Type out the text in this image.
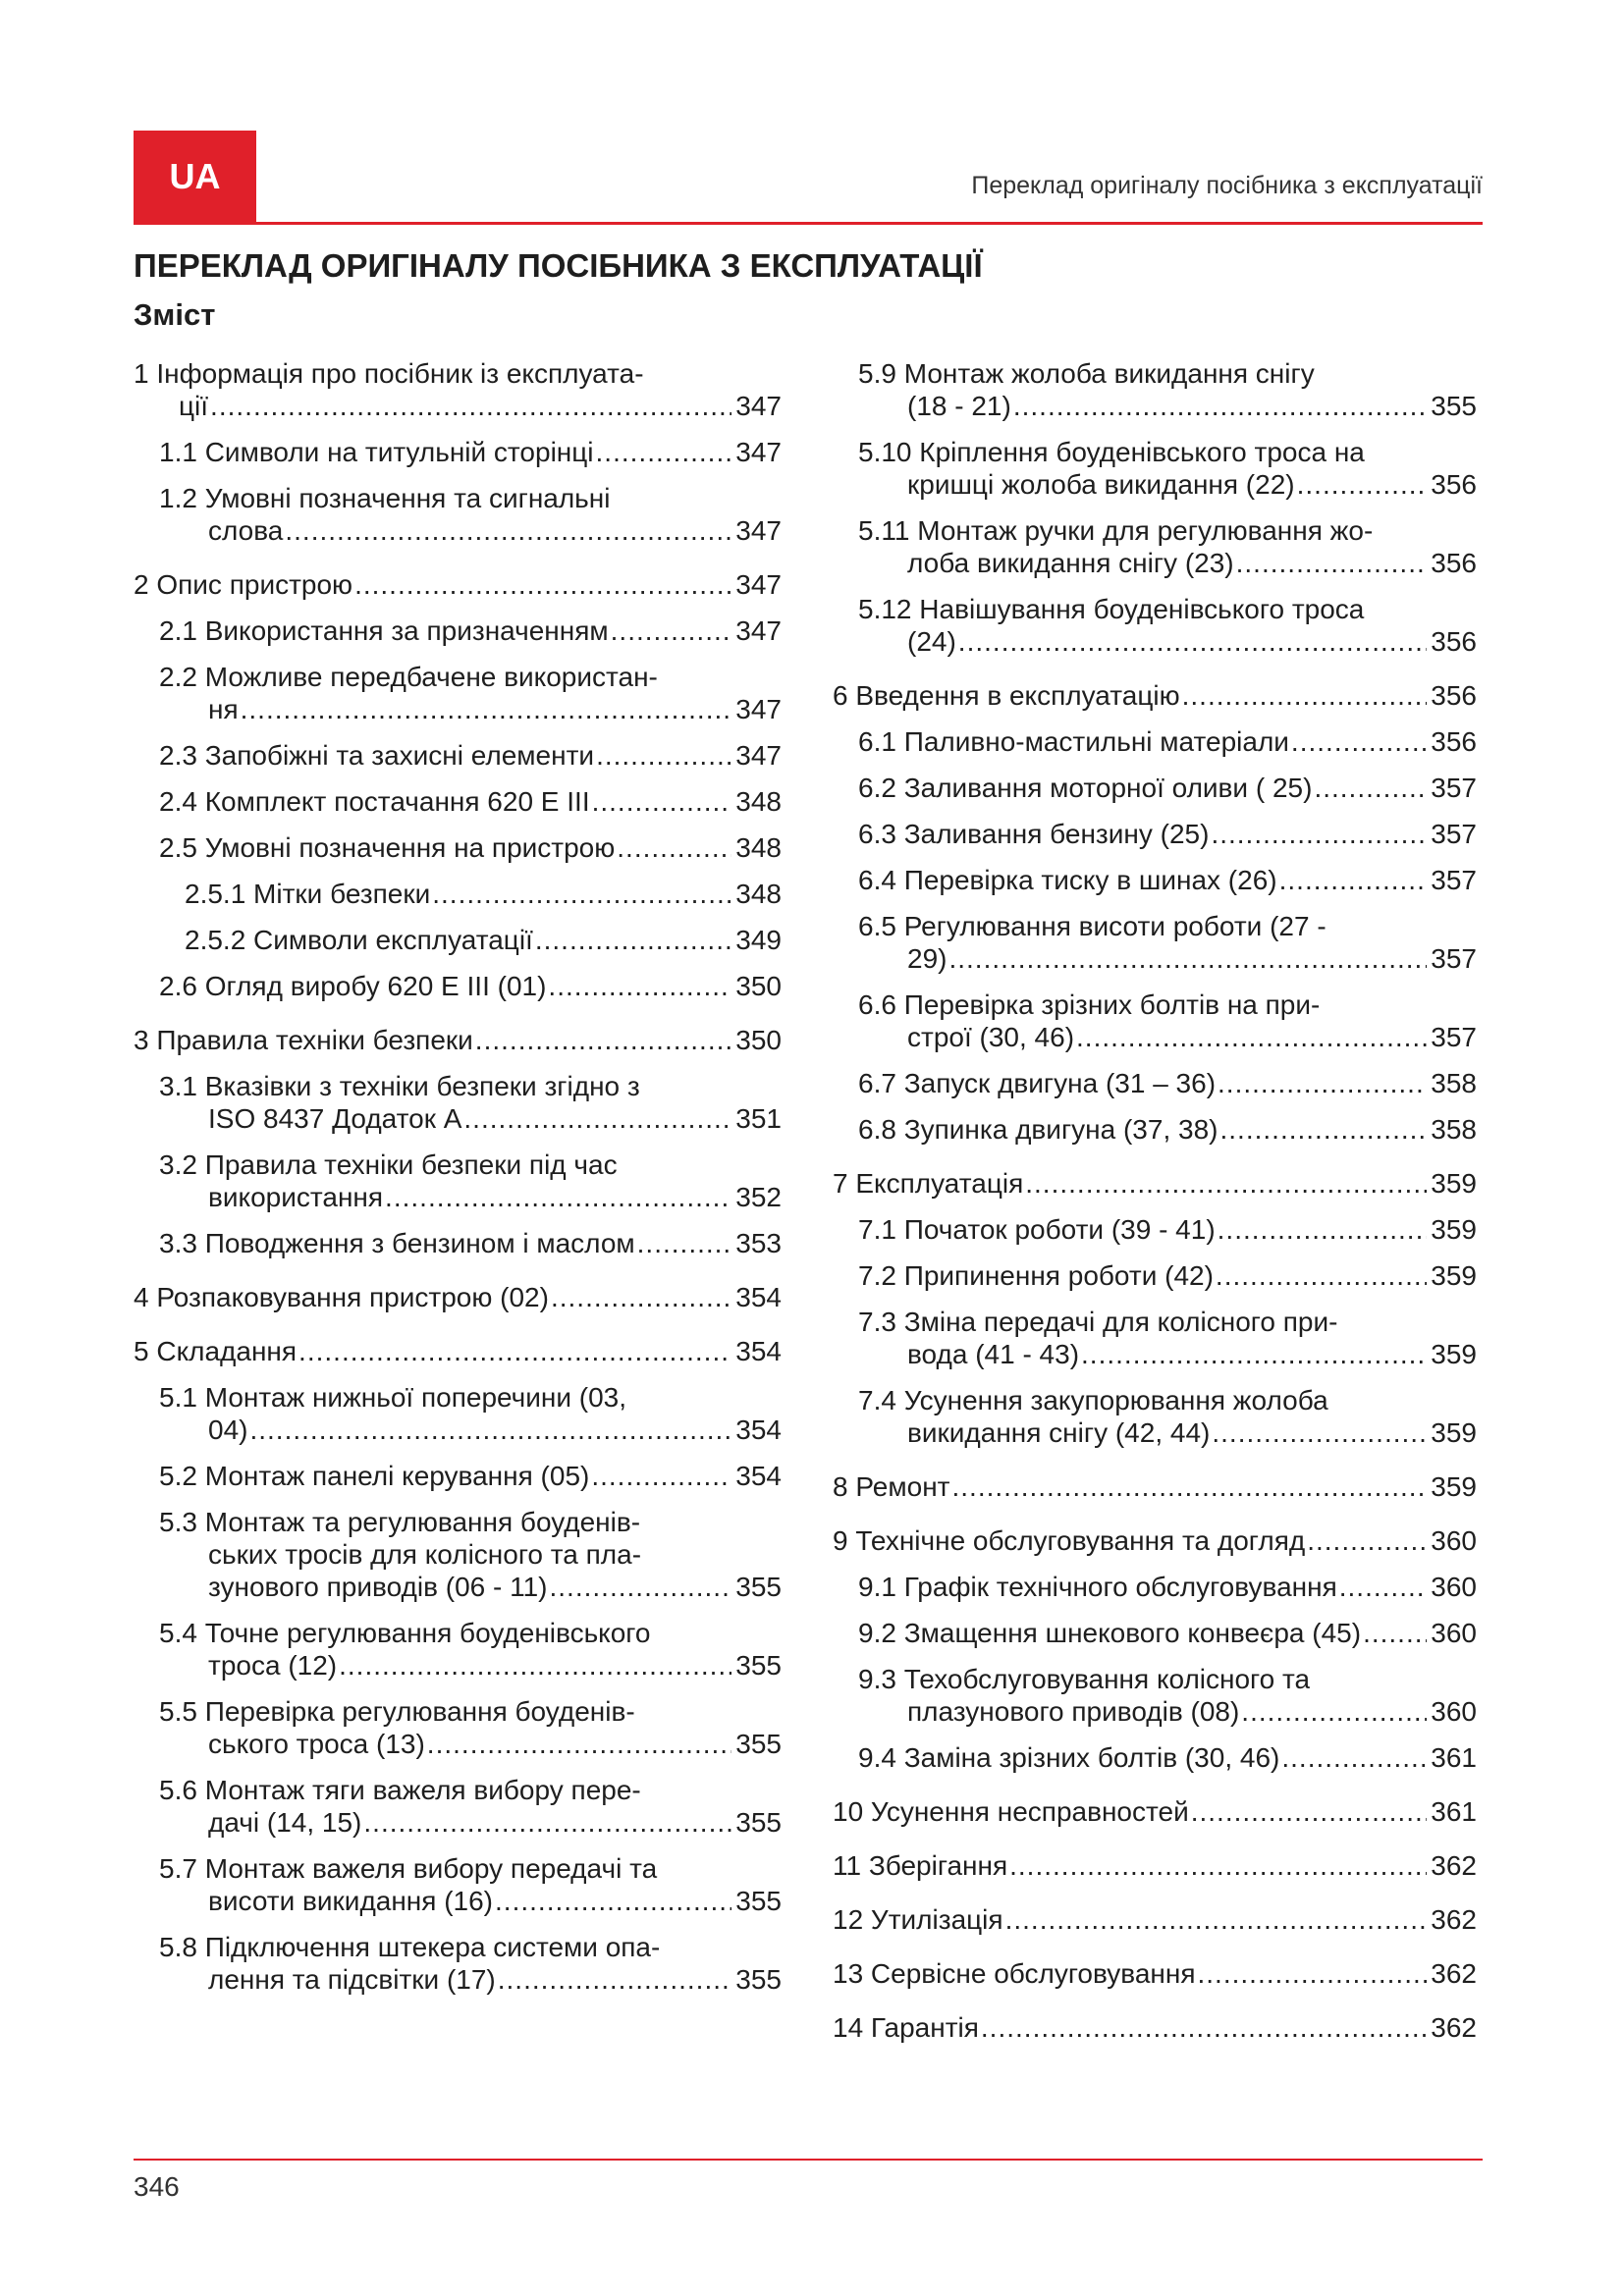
UA	Переклад оригіналу посібника з експлуатації
ПЕРЕКЛАД ОРИГІНАЛУ ПОСІБНИКА З ЕКСПЛУАТАЦІЇ
Зміст
1 Інформація про посібник із експлуата-
ції .....	347
1.1 Символи на титульній сторінці .....	347
1.2 Умовні позначення та сигнальні
слова .....	347
2 Опис пристрою .....	347
2.1 Використання за призначенням .....	347
2.2 Можливе передбачене використан-
ня .....	347
2.3 Запобіжні та захисні елементи .....	347
2.4 Комплект постачання 620 E III .....	348
2.5 Умовні позначення на пристрою .....	348
2.5.1 Мітки безпеки .....	348
2.5.2 Символи експлуатації .....	349
2.6 Огляд виробу 620 E III (01) .....	350
3 Правила техніки безпеки .....	350
3.1 Вказівки з техніки безпеки згідно з
ISO 8437 Додаток A .....	351
3.2 Правила техніки безпеки під час
використання .....	352
3.3 Поводження з бензином і маслом .....	353
4 Розпаковування пристрою (02) .....	354
5 Складання .....	354
5.1 Монтаж нижньої поперечини (03,
04) .....	354
5.2 Монтаж панелі керування (05) .....	354
5.3 Монтаж та регулювання боуденів-
ських тросів для колісного та пла-
зунового приводів (06 - 11) .....	355
5.4 Точне регулювання боуденівського
троса (12) .....	355
5.5 Перевірка регулювання боуденів-
ського троса (13) .....	355
5.6 Монтаж тяги важеля вибору пере-
дачі (14, 15) .....	355
5.7 Монтаж важеля вибору передачі та
висоти викидання (16) .....	355
5.8 Підключення штекера системи опа-
лення та підсвітки (17) .....	355
5.9 Монтаж жолоба викидання снігу
(18 - 21) .....	355
5.10 Кріплення боуденівського троса на
кришці жолоба викидання (22) .....	356
5.11 Монтаж ручки для регулювання жо-
лоба викидання снігу (23) .....	356
5.12 Навішування боуденівського троса
(24) .....	356
6 Введення в експлуатацію .....	356
6.1 Паливно-мастильні матеріали .....	356
6.2 Заливання моторної оливи ( 25) .....	357
6.3 Заливання бензину (25) .....	357
6.4 Перевірка тиску в шинах (26) .....	357
6.5 Регулювання висоти роботи (27 -
29) .....	357
6.6 Перевірка зрізних болтів на при-
строї (30, 46) .....	357
6.7 Запуск двигуна (31 – 36) .....	358
6.8 Зупинка двигуна (37, 38) .....	358
7 Експлуатація .....	359
7.1 Початок роботи (39 - 41) .....	359
7.2 Припинення роботи (42) .....	359
7.3 Зміна передачі для колісного при-
вода (41 - 43) .....	359
7.4 Усунення закупорювання жолоба
викидання снігу (42, 44) .....	359
8 Ремонт .....	359
9 Технічне обслуговування та догляд .....	360
9.1 Графік технічного обслуговування .....	360
9.2 Змащення шнекового конвеєра (45) .....	360
9.3 Техобслуговування колісного та
плазунового приводів (08) .....	360
9.4 Заміна зрізних болтів (30, 46) .....	361
10 Усунення несправностей .....	361
11 Зберігання .....	362
12 Утилізація .....	362
13 Сервісне обслуговування .....	362
14 Гарантія .....	362
346
